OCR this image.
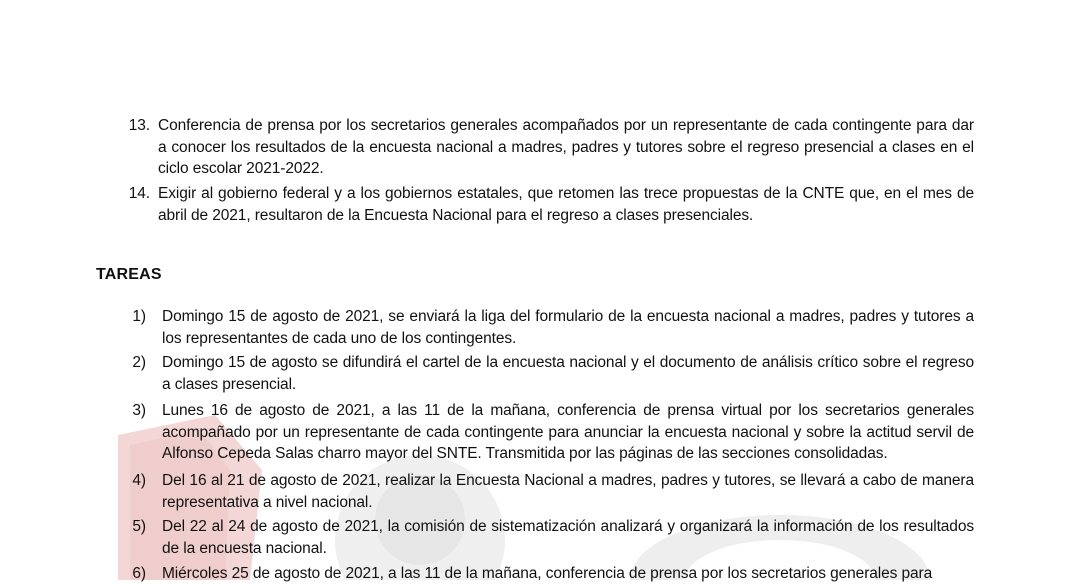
13. Conferencia de prensa por los secretarios generales acompañados por un representante de cada contingente para dar a conocer los resultados de la encuesta nacional a madres, padres y tutores sobre el regreso presencial a clases en el ciclo escolar 2021-2022.
14. Exigir al gobierno federal y a los gobiernos estatales, que retomen las trece propuestas de la CNTE que, en el mes de abril de 2021, resultaron de la Encuesta Nacional para el regreso a clases presenciales.
TAREAS
1) Domingo 15 de agosto de 2021, se enviará la liga del formulario de la encuesta nacional a madres, padres y tutores a los representantes de cada uno de los contingentes.
2) Domingo 15 de agosto se difundirá el cartel de la encuesta nacional y el documento de análisis crítico sobre el regreso a clases presencial.
3) Lunes 16 de agosto de 2021, a las 11 de la mañana, conferencia de prensa virtual por los secretarios generales acompañado por un representante de cada contingente para anunciar la encuesta nacional y sobre la actitud servil de Alfonso Cepeda Salas charro mayor del SNTE. Transmitida por las páginas de las secciones consolidadas.
4) Del 16 al 21 de agosto de 2021, realizar la Encuesta Nacional a madres, padres y tutores, se llevará a cabo de manera representativa a nivel nacional.
5) Del 22 al 24 de agosto de 2021, la comisión de sistematización analizará y organizará la información de los resultados de la encuesta nacional.
6) Miércoles 25 de agosto de 2021, a las 11 de la mañana, conferencia de prensa por los secretarios generales para
